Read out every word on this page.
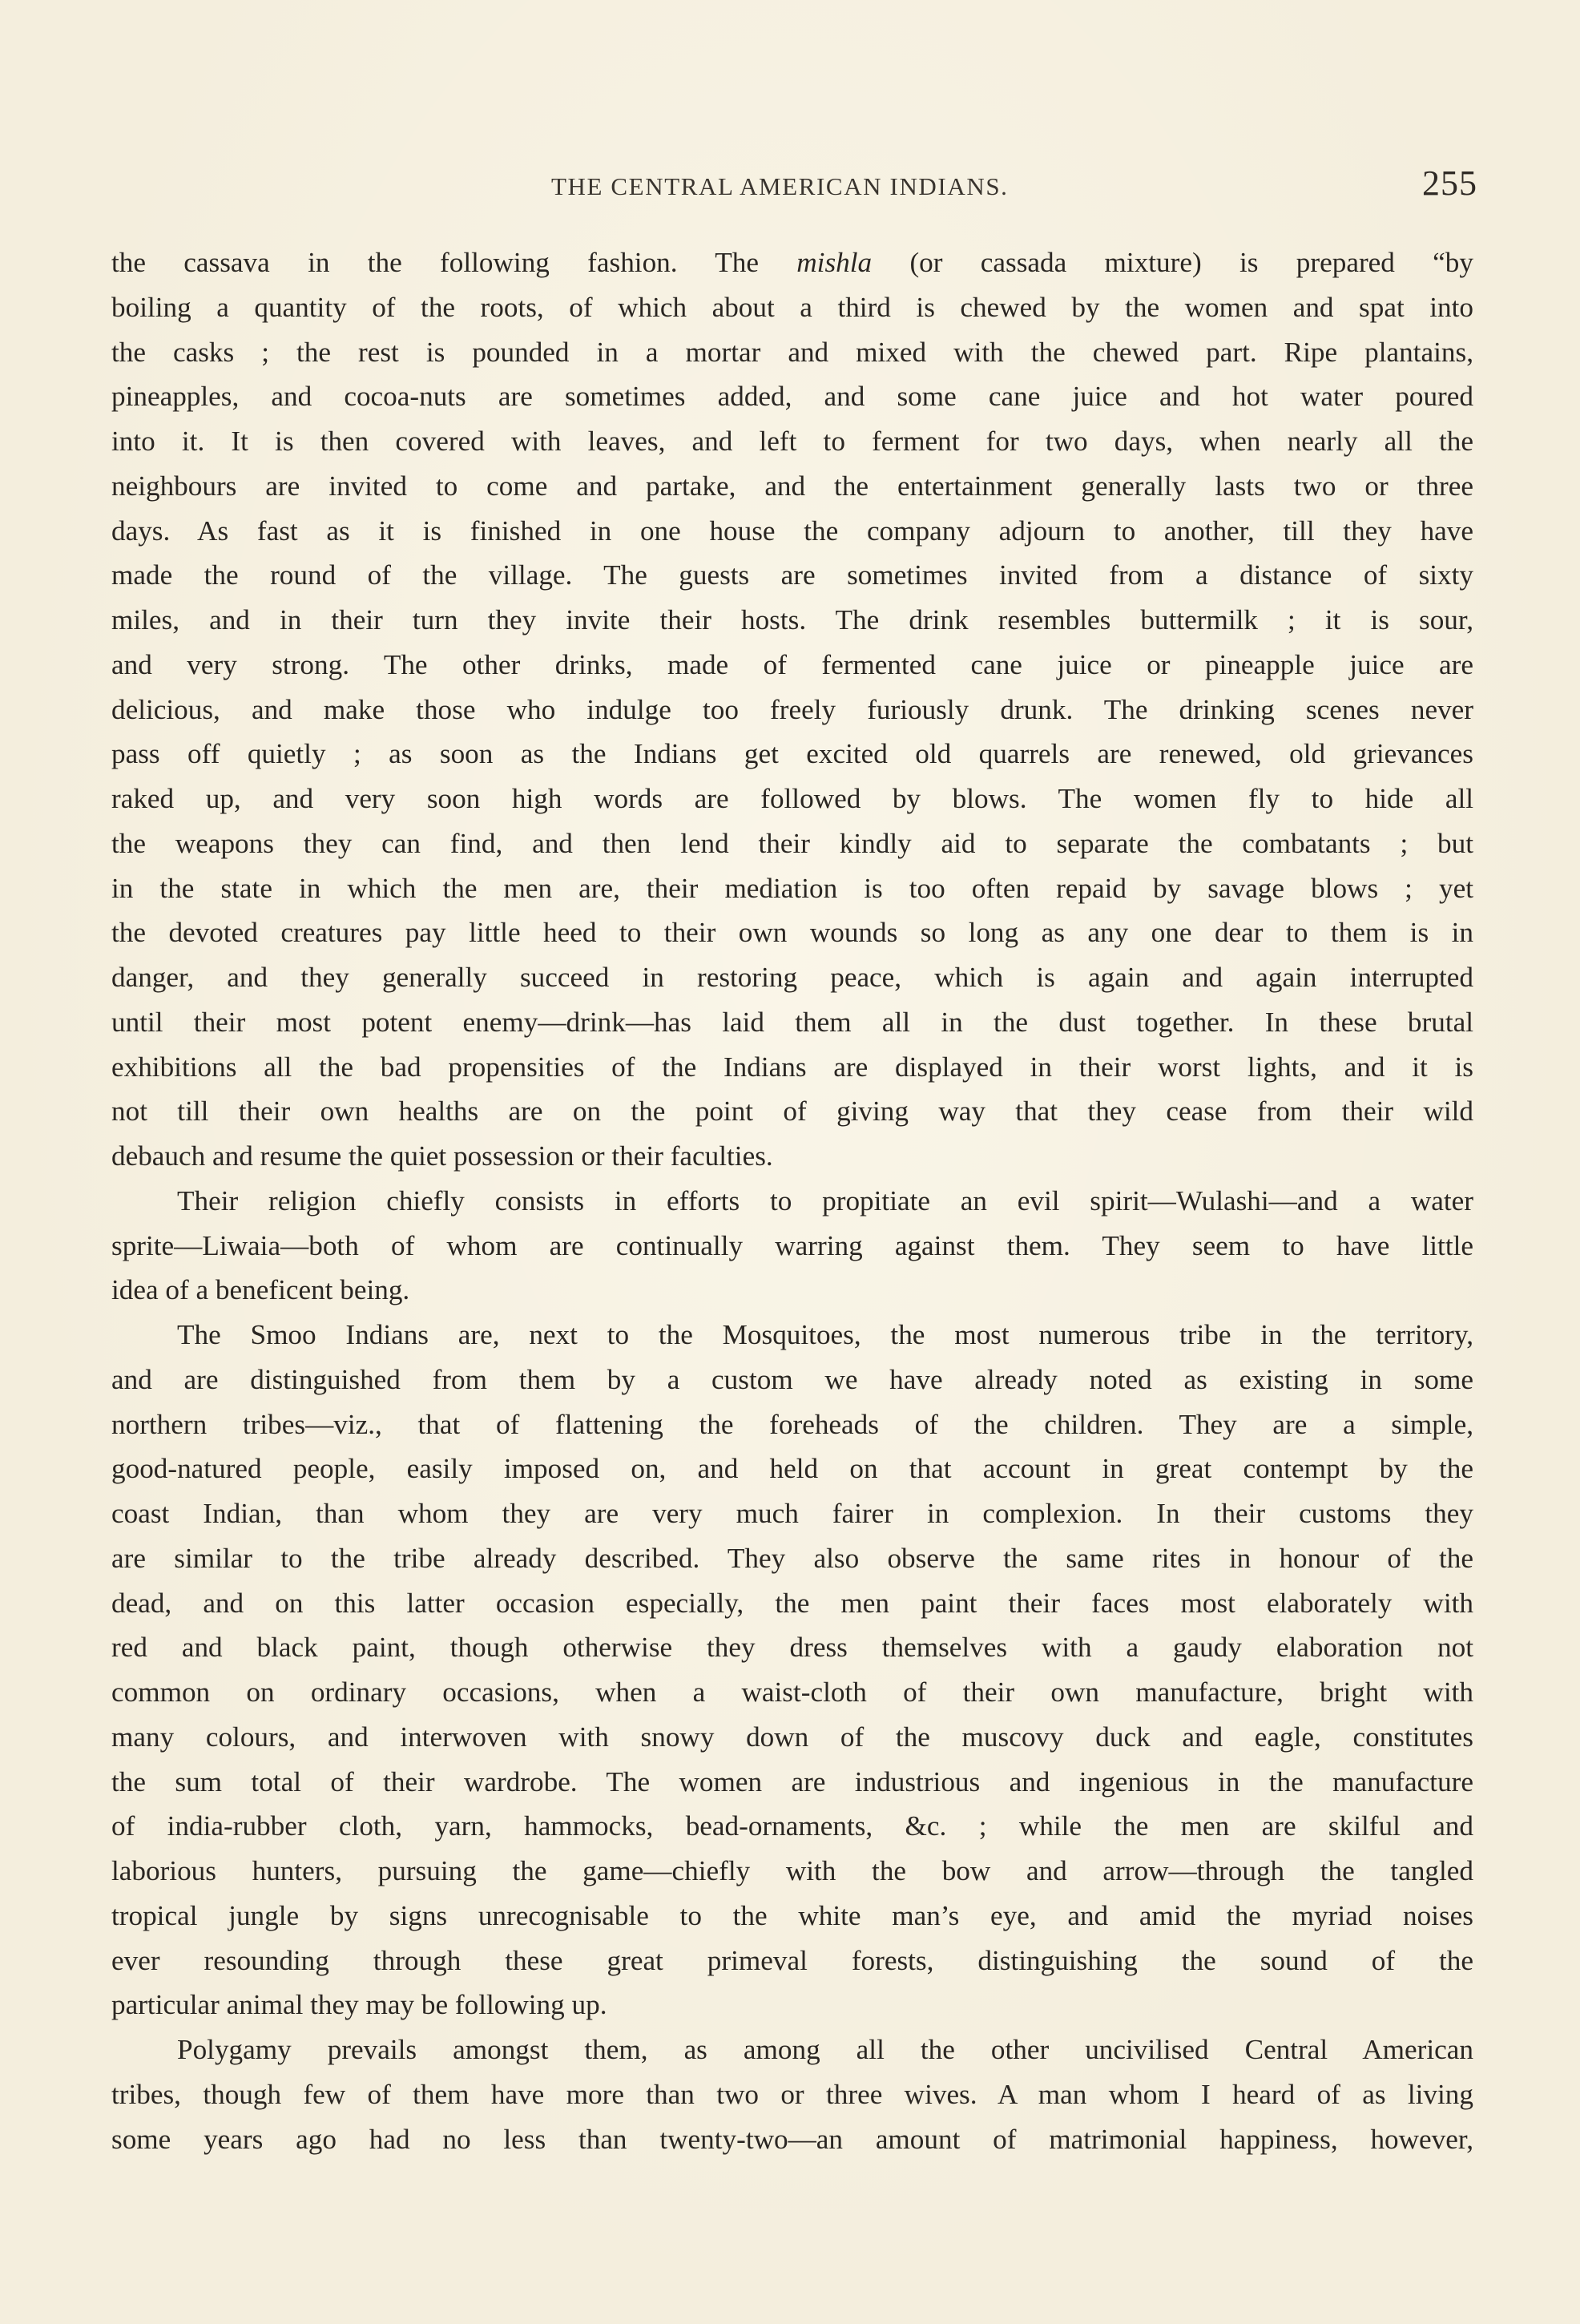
THE CENTRAL AMERICAN INDIANS.	255
the cassava in the following fashion. The mishla (or cassada mixture) is prepared “by
boiling a quantity of the roots, of which about a third is chewed by the women and spat into
the casks ; the rest is pounded in a mortar and mixed with the chewed part. Ripe plantains,
pineapples, and cocoa-nuts are sometimes added, and some cane juice and hot water poured
into it. It is then covered with leaves, and left to ferment for two days, when nearly all the
neighbours are invited to come and partake, and the entertainment generally lasts two or three
days. As fast as it is finished in one house the company adjourn to another, till they have
made the round of the village. The guests are sometimes invited from a distance of sixty
miles, and in their turn they invite their hosts. The drink resembles buttermilk ; it is sour,
and very strong. The other drinks, made of fermented cane juice or pineapple juice are
delicious, and make those who indulge too freely furiously drunk. The drinking scenes never
pass off quietly ; as soon as the Indians get excited old quarrels are renewed, old grievances
raked up, and very soon high words are followed by blows. The women fly to hide all
the weapons they can find, and then lend their kindly aid to separate the combatants ; but
in the state in which the men are, their mediation is too often repaid by savage blows ; yet
the devoted creatures pay little heed to their own wounds so long as any one dear to them is in
danger, and they generally succeed in restoring peace, which is again and again interrupted
until their most potent enemy—drink—has laid them all in the dust together. In these brutal
exhibitions all the bad propensities of the Indians are displayed in their worst lights, and it is
not till their own healths are on the point of giving way that they cease from their wild
debauch and resume the quiet possession or their faculties.
Their religion chiefly consists in efforts to propitiate an evil spirit—Wulashi—and a water
sprite—Liwaia—both of whom are continually warring against them. They seem to have little
idea of a beneficent being.
The Smoo Indians are, next to the Mosquitoes, the most numerous tribe in the territory,
and are distinguished from them by a custom we have already noted as existing in some
northern tribes—viz., that of flattening the foreheads of the children. They are a simple,
good-natured people, easily imposed on, and held on that account in great contempt by the
coast Indian, than whom they are very much fairer in complexion. In their customs they
are similar to the tribe already described. They also observe the same rites in honour of the
dead, and on this latter occasion especially, the men paint their faces most elaborately with
red and black paint, though otherwise they dress themselves with a gaudy elaboration not
common on ordinary occasions, when a waist-cloth of their own manufacture, bright with
many colours, and interwoven with snowy down of the muscovy duck and eagle, constitutes
the sum total of their wardrobe. The women are industrious and ingenious in the manufacture
of india-rubber cloth, yarn, hammocks, bead-ornaments, &c. ; while the men are skilful and
laborious hunters, pursuing the game—chiefly with the bow and arrow—through the tangled
tropical jungle by signs unrecognisable to the white man’s eye, and amid the myriad noises
ever resounding through these great primeval forests, distinguishing the sound of the
particular animal they may be following up.
Polygamy prevails amongst them, as among all the other uncivilised Central American
tribes, though few of them have more than two or three wives. A man whom I heard of as living
some years ago had no less than twenty-two—an amount of matrimonial happiness, however,
